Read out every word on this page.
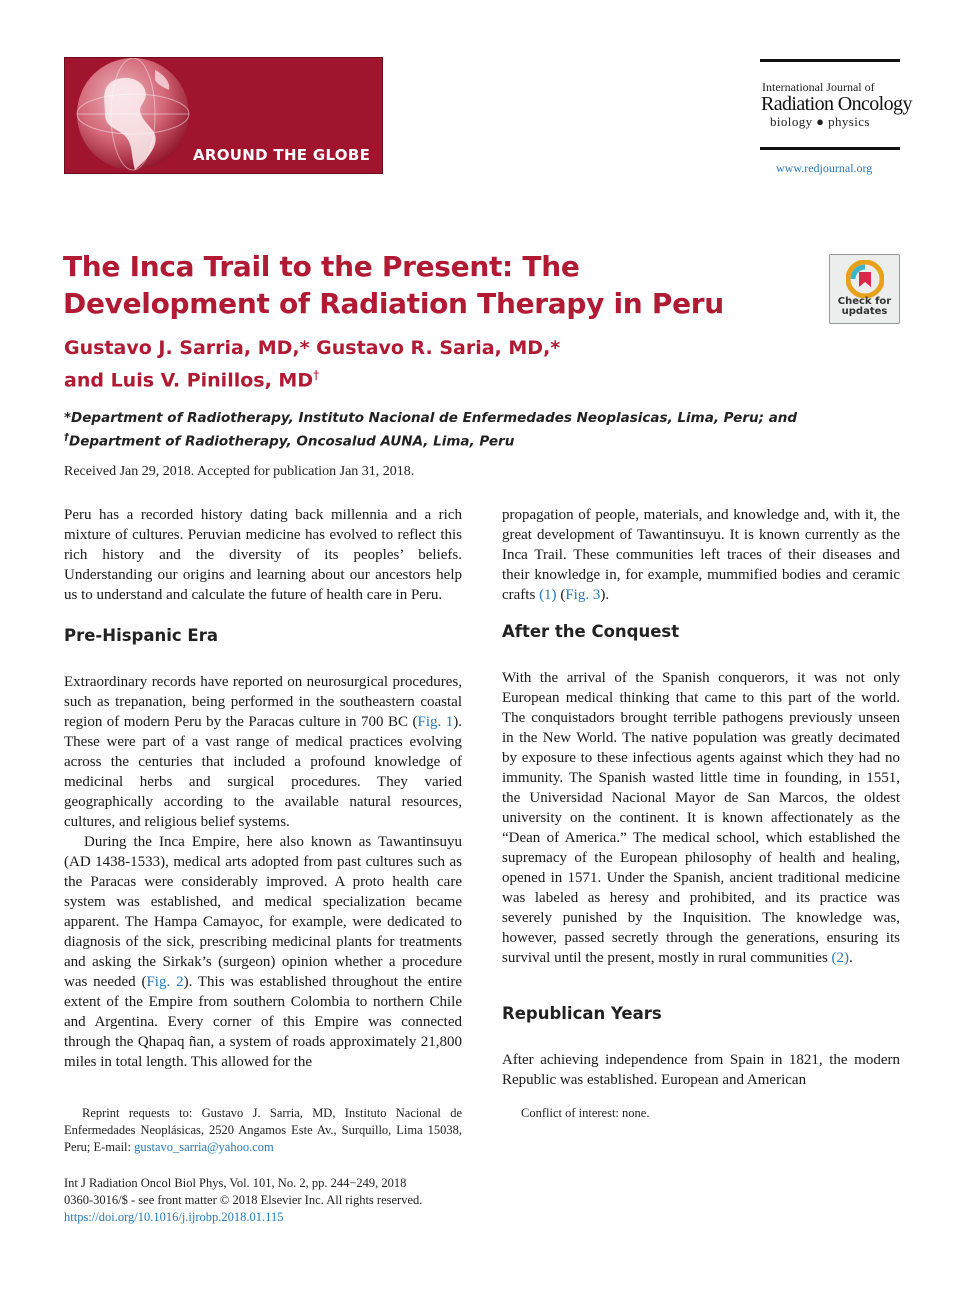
AROUND THE GLOBE
International Journal of
Radiation Oncology
biology ● physics
www.redjournal.org
The Inca Trail to the Present: The Development of Radiation Therapy in Peru	Check for
updates
Gustavo J. Sarria, MD,* Gustavo R. Saria, MD,*
and Luis V. Pinillos, MD†
*Department of Radiotherapy, Instituto Nacional de Enfermedades Neoplasicas, Lima, Peru; and
†Department of Radiotherapy, Oncosalud AUNA, Lima, Peru
Received Jan 29, 2018. Accepted for publication Jan 31, 2018.

Peru has a recorded history dating back millennia and a rich mixture of cultures. Peruvian medicine has evolved to reflect this rich history and the diversity of its peoples’ beliefs. Understanding our origins and learning about our ancestors help us to understand and calculate the future of health care in Peru.

Pre-Hispanic Era

Extraordinary records have reported on neurosurgical procedures, such as trepanation, being performed in the southeastern coastal region of modern Peru by the Paracas culture in 700 BC (Fig. 1). These were part of a vast range of medical practices evolving across the centuries that included a profound knowledge of medicinal herbs and surgical procedures. They varied geographically according to the available natural resources, cultures, and religious belief systems.

During the Inca Empire, here also known as Tawantinsuyu (AD 1438-1533), medical arts adopted from past cultures such as the Paracas were considerably improved. A proto health care system was established, and medical specialization became apparent. The Hampa Camayoc, for example, were dedicated to diagnosis of the sick, prescribing medicinal plants for treatments and asking the Sirkak’s (surgeon) opinion whether a procedure was needed (Fig. 2). This was established throughout the entire extent of the Empire from southern Colombia to northern Chile and Argentina. Every corner of this Empire was connected through the Qhapaq ñan, a system of roads approximately 21,800 miles in total length. This allowed for the

Reprint requests to: Gustavo J. Sarria, MD, Instituto Nacional de Enfermedades Neoplásicas, 2520 Angamos Este Av., Surquillo, Lima 15038, Peru; E-mail: gustavo_sarria@yahoo.com
Int J Radiation Oncol Biol Phys, Vol. 101, No. 2, pp. 244−249, 2018
0360-3016/$ - see front matter © 2018 Elsevier Inc. All rights reserved.
https://doi.org/10.1016/j.ijrobp.2018.01.115

propagation of people, materials, and knowledge and, with it, the great development of Tawantinsuyu. It is known currently as the Inca Trail. These communities left traces of their diseases and their knowledge in, for example, mummified bodies and ceramic crafts (1) (Fig. 3).

After the Conquest

With the arrival of the Spanish conquerors, it was not only European medical thinking that came to this part of the world. The conquistadors brought terrible pathogens previously unseen in the New World. The native population was greatly decimated by exposure to these infectious agents against which they had no immunity. The Spanish wasted little time in founding, in 1551, the Universidad Nacional Mayor de San Marcos, the oldest university on the continent. It is known affectionately as the “Dean of America.” The medical school, which established the supremacy of the European philosophy of health and healing, opened in 1571. Under the Spanish, ancient traditional medicine was labeled as heresy and prohibited, and its practice was severely punished by the Inquisition. The knowledge was, however, passed secretly through the generations, ensuring its survival until the present, mostly in rural communities (2).

Republican Years

After achieving independence from Spain in 1821, the modern Republic was established. European and American

Conflict of interest: none.
